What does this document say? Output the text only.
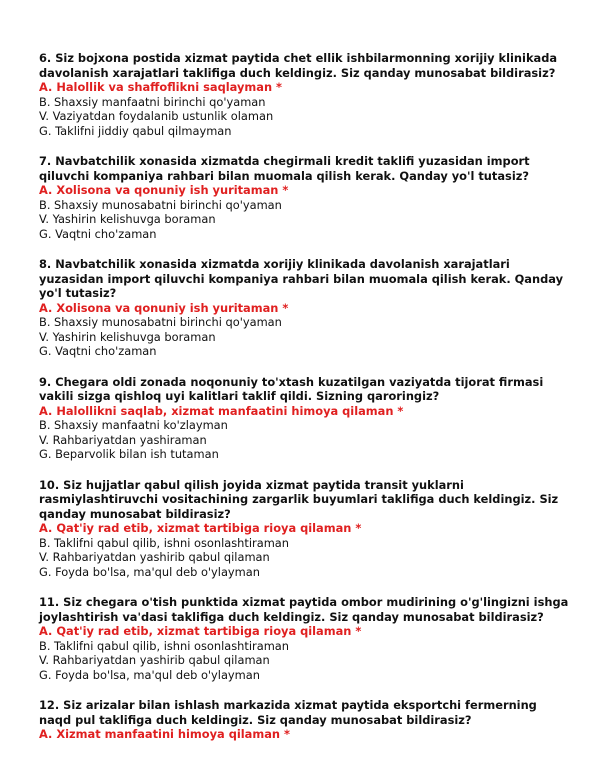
6. Siz bojxona postida xizmat paytida chet ellik ishbilarmonning xorijiy klinikada davolanish xarajatlari taklifiga duch keldingiz. Siz qanday munosabat bildirasiz?

A. Halollik va shaffoflikni saqlayman *
B. Shaxsiy manfaatni birinchi qo'yaman
V. Vaziyatdan foydalanib ustunlik olaman
G. Taklifni jiddiy qabul qilmayman

7. Navbatchilik xonasida xizmatda chegirmali kredit taklifi yuzasidan import qiluvchi kompaniya rahbari bilan muomala qilish kerak. Qanday yo'l tutasiz?

A. Xolisona va qonuniy ish yuritaman *
B. Shaxsiy munosabatni birinchi qo'yaman
V. Yashirin kelishuvga boraman
G. Vaqtni cho'zaman

8. Navbatchilik xonasida xizmatda xorijiy klinikada davolanish xarajatlari yuzasidan import qiluvchi kompaniya rahbari bilan muomala qilish kerak. Qanday yo'l tutasiz?

A. Xolisona va qonuniy ish yuritaman *
B. Shaxsiy munosabatni birinchi qo'yaman
V. Yashirin kelishuvga boraman
G. Vaqtni cho'zaman

9. Chegara oldi zonada noqonuniy to'xtash kuzatilgan vaziyatda tijorat firmasi vakili sizga qishloq uyi kalitlari taklif qildi. Sizning qaroringiz?

A. Halollikni saqlab, xizmat manfaatini himoya qilaman *
B. Shaxsiy manfaatni ko'zlayman
V. Rahbariyatdan yashiraman
G. Beparvolik bilan ish tutaman

10. Siz hujjatlar qabul qilish joyida xizmat paytida transit yuklarni rasmiylashtiruvchi vositachining zargarlik buyumlari taklifiga duch keldingiz. Siz qanday munosabat bildirasiz?

A. Qat'iy rad etib, xizmat tartibiga rioya qilaman *
B. Taklifni qabul qilib, ishni osonlashtiraman
V. Rahbariyatdan yashirib qabul qilaman
G. Foyda bo'lsa, ma'qul deb o'ylayman

11. Siz chegara o'tish punktida xizmat paytida ombor mudirining o'g'lingizni ishga joylashtirish va'dasi taklifiga duch keldingiz. Siz qanday munosabat bildirasiz?

A. Qat'iy rad etib, xizmat tartibiga rioya qilaman *
B. Taklifni qabul qilib, ishni osonlashtiraman
V. Rahbariyatdan yashirib qabul qilaman
G. Foyda bo'lsa, ma'qul deb o'ylayman

12. Siz arizalar bilan ishlash markazida xizmat paytida eksportchi fermerning naqd pul taklifiga duch keldingiz. Siz qanday munosabat bildirasiz?

A. Xizmat manfaatini himoya qilaman *
